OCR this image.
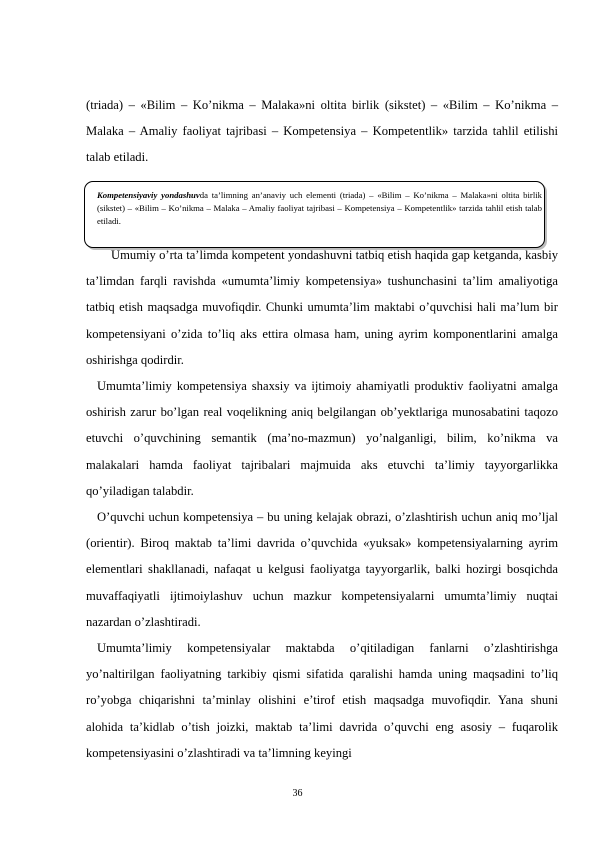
(triada) – «Bilim – Ko’nikma – Malaka»ni oltita birlik (sikstet) – «Bilim – Ko’nikma – Malaka – Amaliy faoliyat tajribasi – Kompetensiya – Kompetentlik» tarzida tahlil etilishi talab etiladi.

Kompetensiyaviy yondashuvda ta’limning an’anaviy uch elementi (triada) – «Bilim – Ko’nikma – Malaka»ni oltita birlik (sikstet) – «Bilim – Ko’nikma – Malaka – Amaliy faoliyat tajribasi – Kompetensiya – Kompetentlik» tarzida tahlil etish talab etiladi.

Umumiy o’rta ta’limda kompetent yondashuvni tatbiq etish haqida gap ketganda, kasbiy ta’limdan farqli ravishda «umumta’limiy kompetensiya» tushunchasini ta’lim amaliyotiga tatbiq etish maqsadga muvofiqdir. Chunki umumta’lim maktabi o’quvchisi hali ma’lum bir kompetensiyani o’zida to’liq aks ettira olmasa ham, uning ayrim komponentlarini amalga oshirishga qodirdir.

Umumta’limiy kompetensiya shaxsiy va ijtimoiy ahamiyatli produktiv faoliyatni amalga oshirish zarur bo’lgan real voqelikning aniq belgilangan ob’yektlariga munosabatini taqozo etuvchi o’quvchining semantik (ma’no-mazmun) yo’nalganligi, bilim, ko’nikma va malakalari hamda faoliyat tajribalari majmuida aks etuvchi ta’limiy tayyorgarlikka qo’yiladigan talabdir.

O’quvchi uchun kompetensiya – bu uning kelajak obrazi, o’zlashtirish uchun aniq mo’ljal (orientir). Biroq maktab ta’limi davrida o’quvchida «yuksak» kompetensiyalarning ayrim elementlari shakllanadi, nafaqat u kelgusi faoliyatga tayyorgarlik, balki hozirgi bosqichda muvaffaqiyatli ijtimoiylashuv uchun mazkur kompetensiyalarni umumta’limiy nuqtai nazardan o’zlashtiradi.

Umumta’limiy kompetensiyalar maktabda o’qitiladigan fanlarni o’zlashtirishga yo’naltirilgan faoliyatning tarkibiy qismi sifatida qaralishi hamda uning maqsadini to’liq ro’yobga chiqarishni ta’minlay olishini e’tirof etish maqsadga muvofiqdir. Yana shuni alohida ta’kidlab o’tish joizki, maktab ta’limi davrida o’quvchi eng asosiy – fuqarolik kompetensiyasini o’zlashtiradi va ta’limning keyingi

36
